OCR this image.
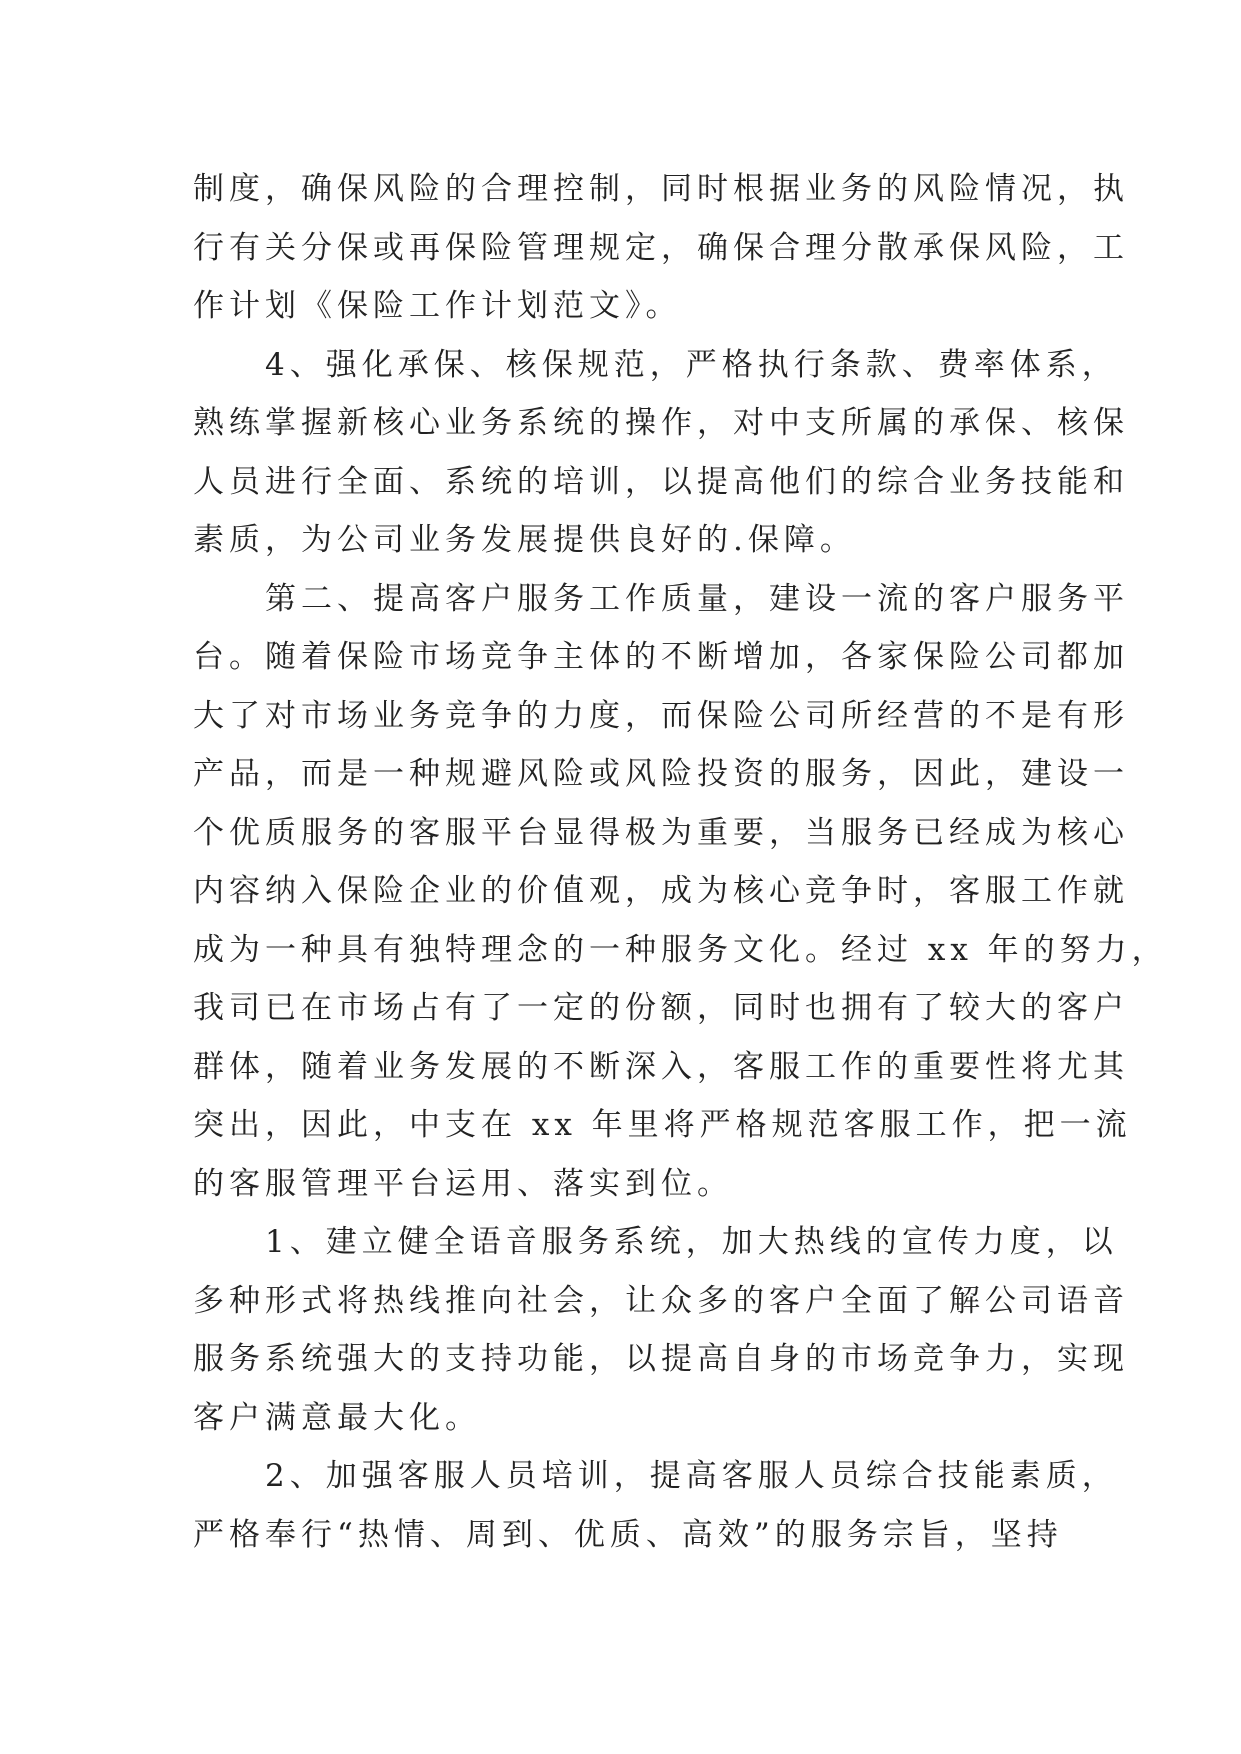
制度，确保风险的合理控制，同时根据业务的风险情况，执
行有关分保或再保险管理规定，确保合理分散承保风险，工
作计划《保险工作计划范文》。
　　4、强化承保、核保规范，严格执行条款、费率体系，
熟练掌握新核心业务系统的操作，对中支所属的承保、核保
人员进行全面、系统的培训，以提高他们的综合业务技能和
素质，为公司业务发展提供良好的.保障。
　　第二、提高客户服务工作质量，建设一流的客户服务平
台。随着保险市场竞争主体的不断增加，各家保险公司都加
大了对市场业务竞争的力度，而保险公司所经营的不是有形
产品，而是一种规避风险或风险投资的服务，因此，建设一
个优质服务的客服平台显得极为重要，当服务已经成为核心
内容纳入保险企业的价值观，成为核心竞争时，客服工作就
成为一种具有独特理念的一种服务文化。经过 xx 年的努力，
我司已在市场占有了一定的份额，同时也拥有了较大的客户
群体，随着业务发展的不断深入，客服工作的重要性将尤其
突出，因此，中支在 xx 年里将严格规范客服工作，把一流
的客服管理平台运用、落实到位。
　　1、建立健全语音服务系统，加大热线的宣传力度，以
多种形式将热线推向社会，让众多的客户全面了解公司语音
服务系统强大的支持功能，以提高自身的市场竞争力，实现
客户满意最大化。
　　2、加强客服人员培训，提高客服人员综合技能素质，
严格奉行“热情、周到、优质、高效”的服务宗旨，坚持
